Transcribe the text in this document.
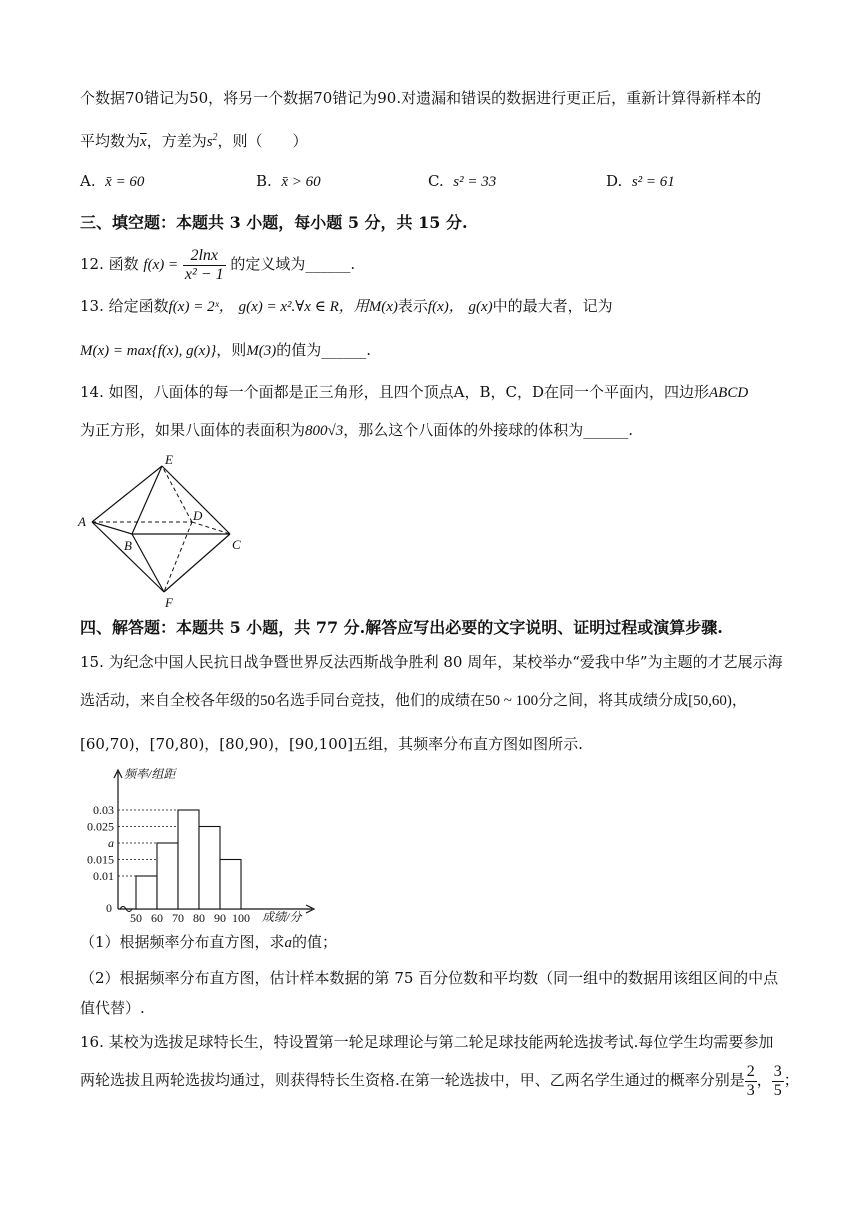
个数据70错记为50，将另一个数据70错记为90.对遗漏和错误的数据进行更正后，重新计算得新样本的
平均数为$\overline{x}$，方差为$s^2$，则（　　）
A. x̄ = 60	B. x̄ > 60	C. s² = 33	D. s² = 61
三、填空题：本题共 3 小题，每小题 5 分，共 15 分.
12. 函数 $f(x) = \frac{2\ln x}{\text{x² − 1}}$ 的定义域为______.
13. 给定函数f(x) = 2ˣ， g(x) = x².∀x ∈ R，用M(x)表示f(x)， g(x)中的最大者，记为
M(x) = max{f(x), g(x)}，则M(3)的值为______.
14. 如图，八面体的每一个面都是正三角形，且四个顶点A，B，C，D在同一个平面内，四边形ABCD
为正方形，如果八面体的表面积为800√3，那么这个八面体的外接球的体积为______.
A
B	C
D
E
F
四、解答题：本题共 5 小题，共 77 分.解答应写出必要的文字说明、证明过程或演算步骤.
15. 为纪念中国人民抗日战争暨世界反法西斯战争胜利 80 周年，某校举办“爱我中华”为主题的才艺展示海
选活动，来自全校各年级的50名选手同台竞技，他们的成绩在50 ~ 100分之间，将其成绩分成[50,60)，
[60,70)，[70,80)，[80,90)，[90,100]五组，其频率分布直方图如图所示.
频率/组距
成绩/分
0
0.03
0.025
a
0.015
0.01
50 60 70 80 90 100
（1）根据频率分布直方图，求a的值；
（2）根据频率分布直方图，估计样本数据的第 75 百分位数和平均数（同一组中的数据用该组区间的中点
值代替）.
16. 某校为选拔足球特长生，特设置第一轮足球理论与第二轮足球技能两轮选拔考试.每位学生均需要参加
两轮选拔且两轮选拔均通过，则获得特长生资格.在第一轮选拔中，甲、乙两名学生通过的概率分别是 $\frac{2}{3}$ ， $\frac{3}{5}$ ；
